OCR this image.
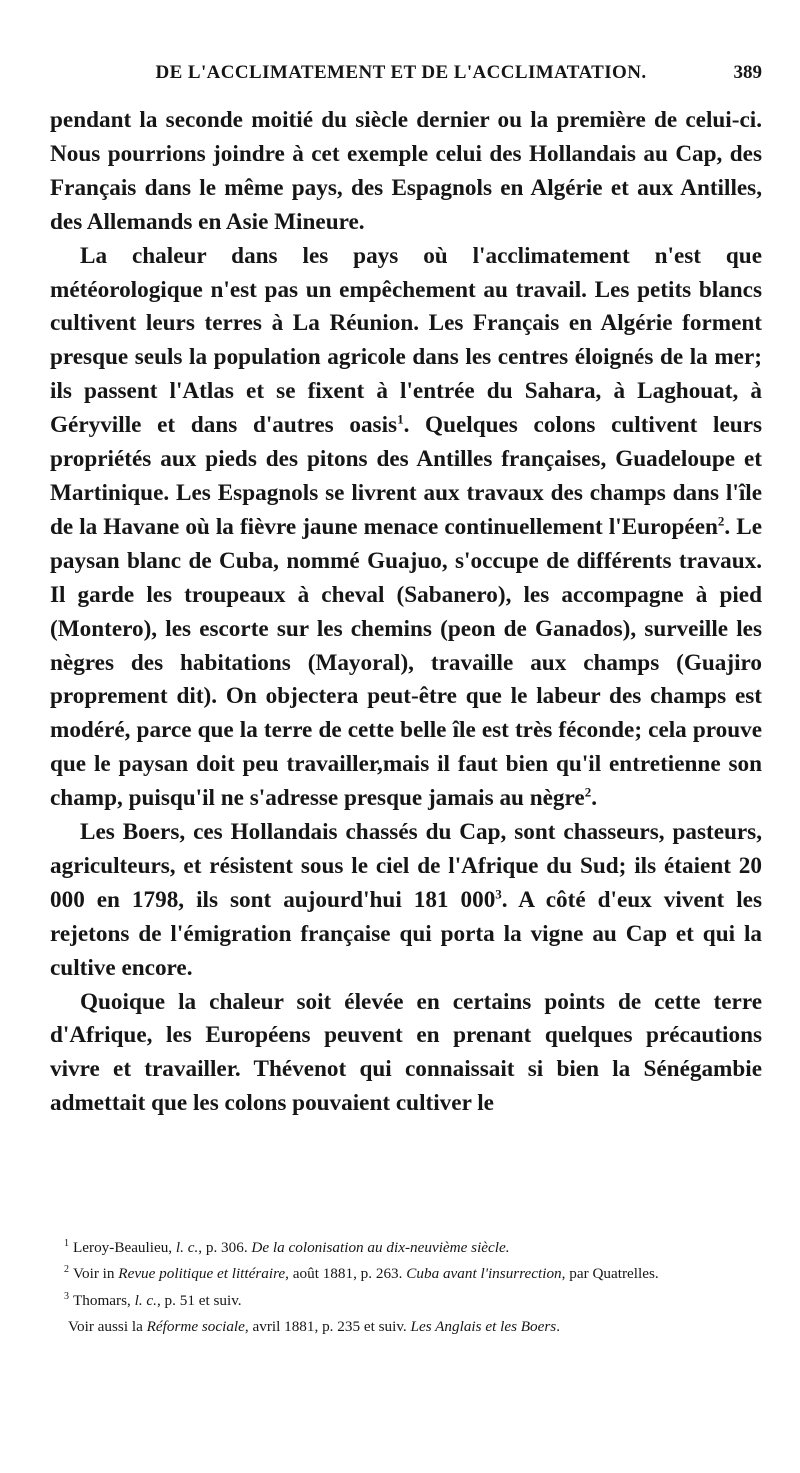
DE L'ACCLIMATEMENT ET DE L'ACCLIMATATION.	389

pendant la seconde moitié du siècle dernier ou la première de celui-ci. Nous pourrions joindre à cet exemple celui des Hollandais au Cap, des Français dans le même pays, des Espagnols en Algérie et aux Antilles, des Allemands en Asie Mineure.

La chaleur dans les pays où l'acclimatement n'est que météorologique n'est pas un empêchement au travail. Les petits blancs cultivent leurs terres à La Réunion. Les Français en Algérie forment presque seuls la population agricole dans les centres éloignés de la mer; ils passent l'Atlas et se fixent à l'entrée du Sahara, à Laghouat, à Géryville et dans d'autres oasis$^1$. Quelques colons cultivent leurs propriétés aux pieds des pitons des Antilles françaises, Guadeloupe et Martinique. Les Espagnols se livrent aux travaux des champs dans l'île de la Havane où la fièvre jaune menace continuellement l'Européen$^2$. Le paysan blanc de Cuba, nommé Guajuo, s'occupe de différents travaux. Il garde les troupeaux à cheval (Sabanero), les accompagne à pied (Montero), les escorte sur les chemins (peon de Ganados), surveille les nègres des habitations (Mayoral), travaille aux champs (Guajiro proprement dit). On objectera peut-être que le labeur des champs est modéré, parce que la terre de cette belle île est très féconde; cela prouve que le paysan doit peu travailler,mais il faut bien qu'il entretienne son champ, puisqu'il ne s'adresse presque jamais au nègre$^2$.

Les Boers, ces Hollandais chassés du Cap, sont chasseurs, pasteurs, agriculteurs, et résistent sous le ciel de l'Afrique du Sud; ils étaient 20 000 en 1798, ils sont aujourd'hui 181 $000^3$. A côté d'eux vivent les rejetons de l'émigration française qui porta la vigne au Cap et qui la cultive encore.

Quoique la chaleur soit élevée en certains points de cette terre d'Afrique, les Européens peuvent en prenant quelques précautions vivre et travailler. Thévenot qui connaissait si bien la Sénégambie admettait que les colons pouvaient cultiver le

$^1$ Leroy-Beaulieu, l. c., p. 306. De la colonisation au dix-neuvième siècle.

$^2$ Voir in Revue politique et littéraire, août 1881, p. 263. Cuba avant l'insurrection, par Quatrelles.

$^3$ Thomars, l. c., p. 51 et suiv.

Voir aussi la Réforme sociale, avril 1881, p. 235 et suiv. Les Anglais et les Boers.
